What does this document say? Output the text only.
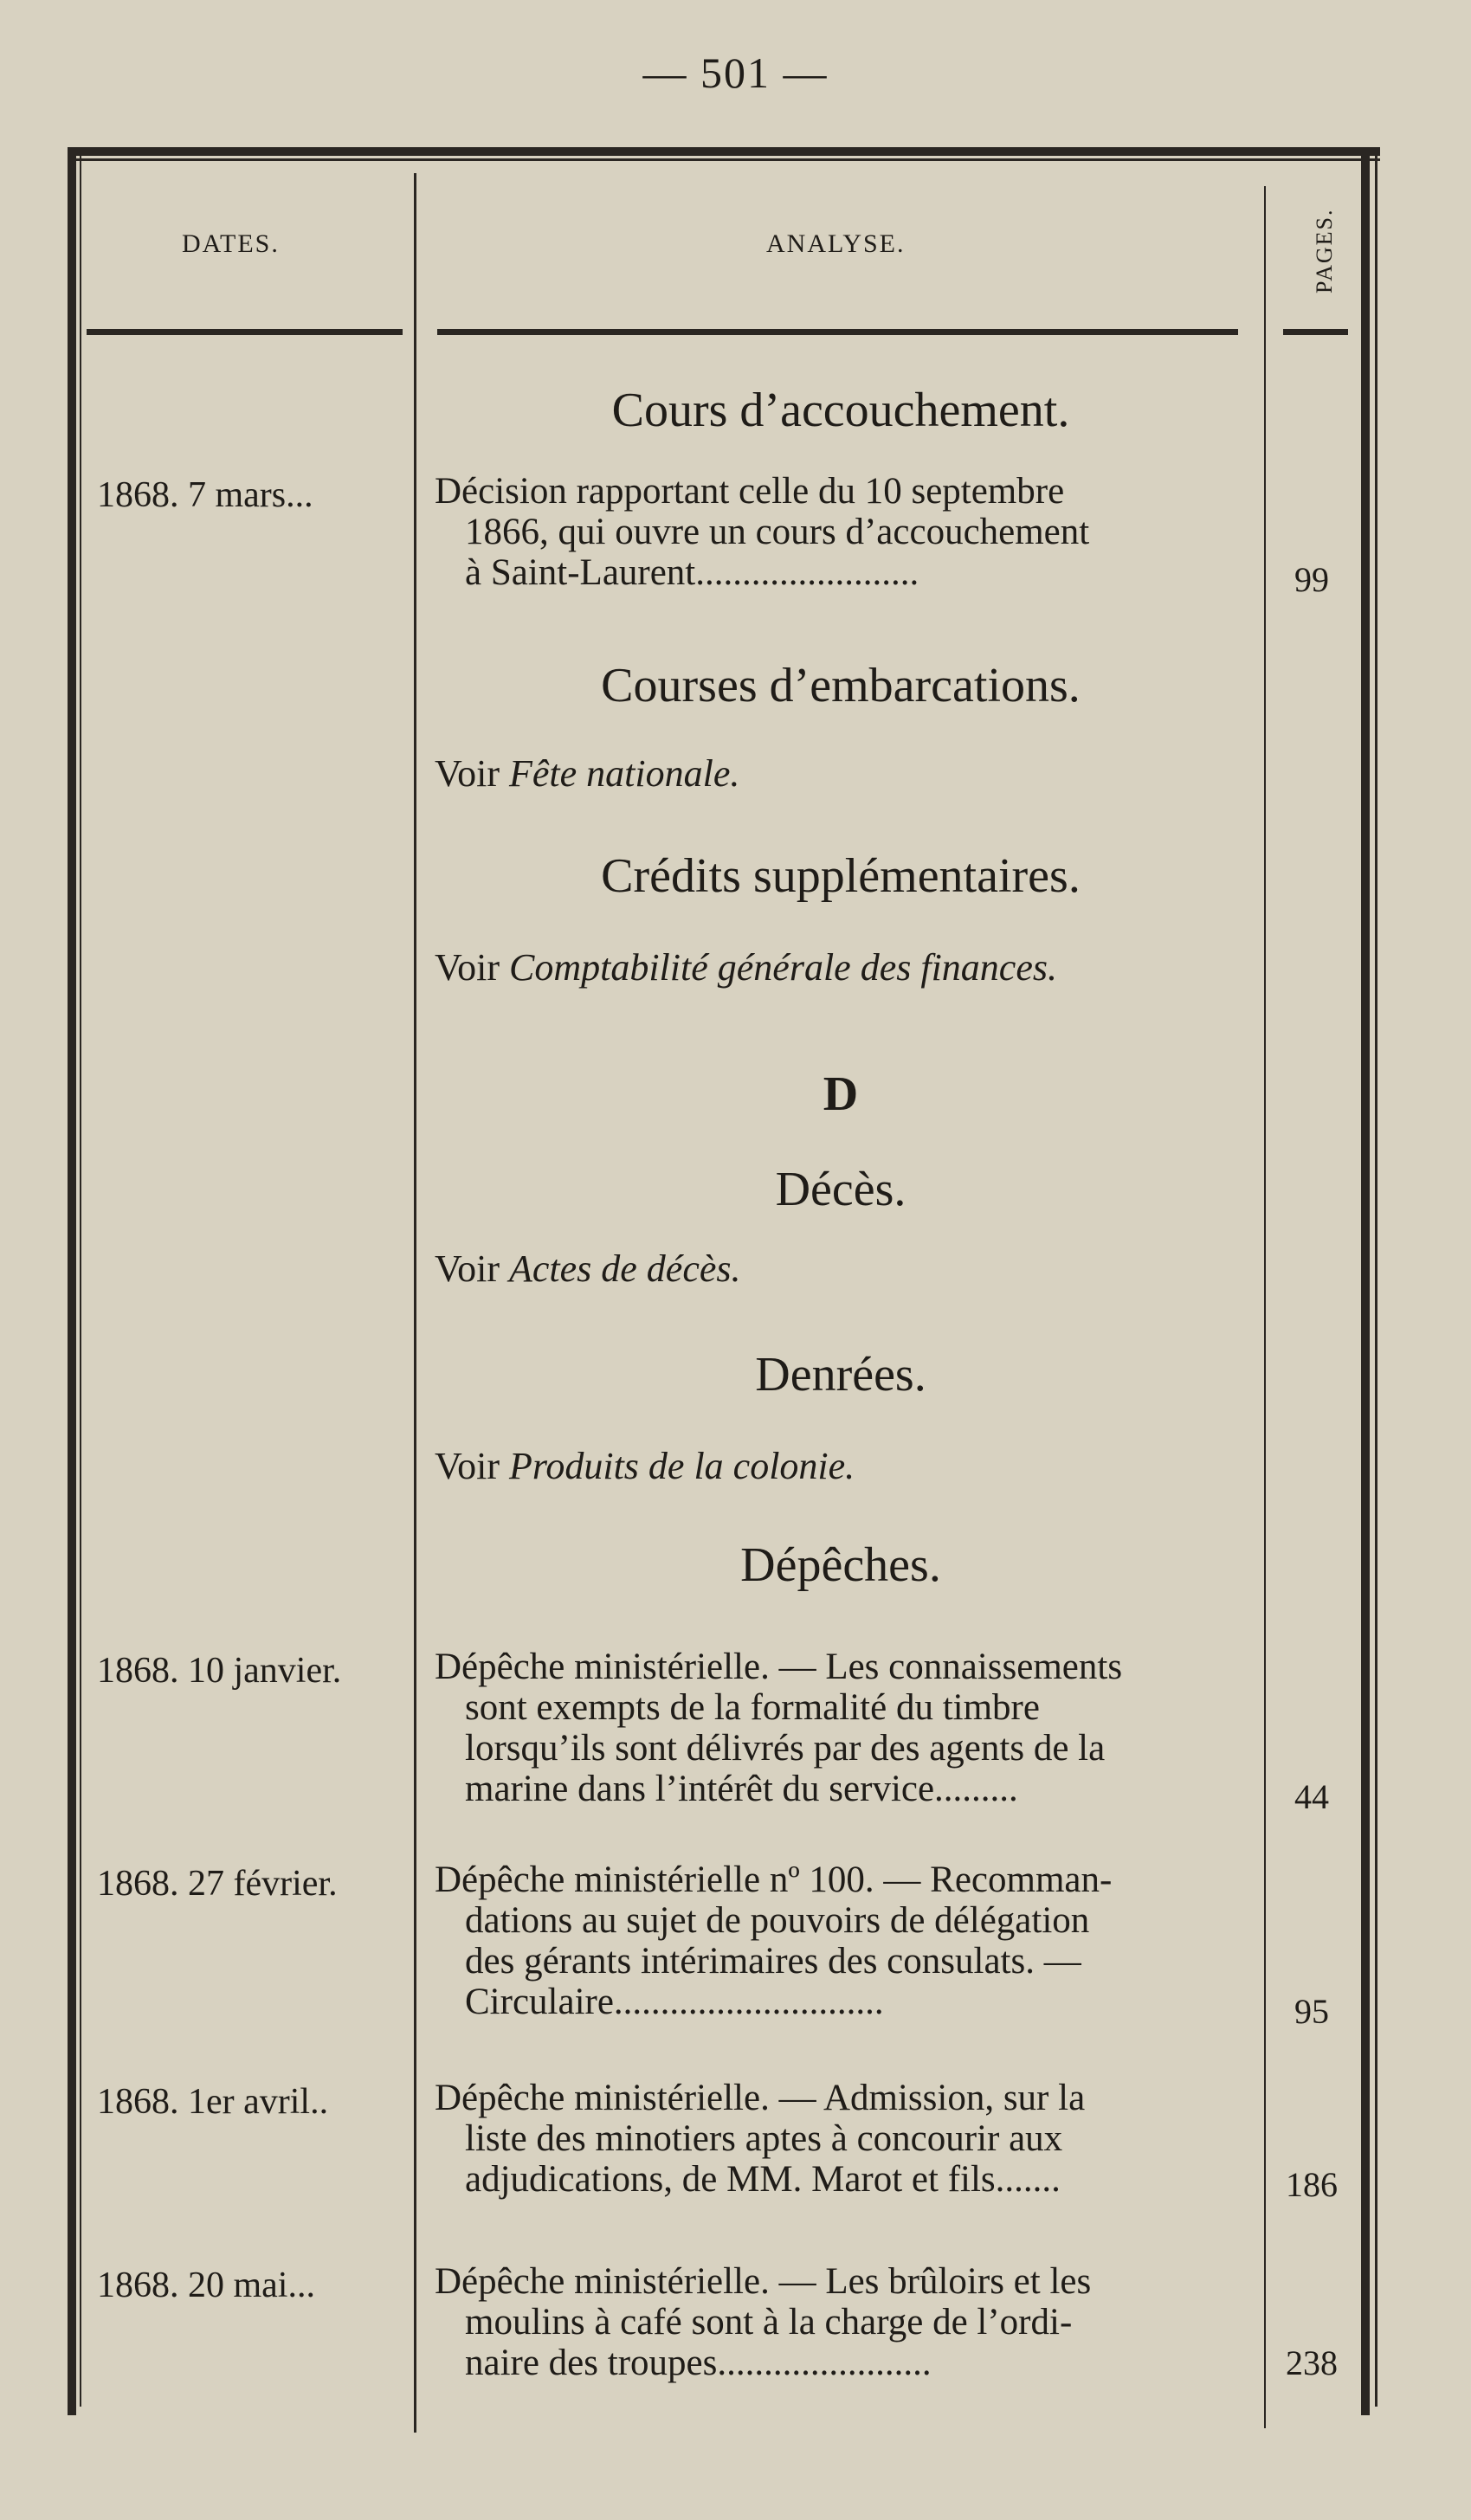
— 501 —
DATES.	ANALYSE.	PAGES.
Cours d’accouchement.
1868. 7 mars...	Décision rapportant celle du 10 septembre
1866, qui ouvre un cours d’accouchement
à Saint-Laurent........................	99
Courses d’embarcations.
Voir Fête nationale.
Crédits supplémentaires.
Voir Comptabilité générale des finances.
D
Décès.
Voir Actes de décès.
Denrées.
Voir Produits de la colonie.
Dépêches.
1868. 10 janvier.	Dépêche ministérielle. — Les connaissements
sont exempts de la formalité du timbre
lorsqu’ils sont délivrés par des agents de la
marine dans l’intérêt du service.........	44
1868. 27 février.	Dépêche ministérielle nº 100. — Recomman-
dations au sujet de pouvoirs de délégation
des gérants intérimaires des consulats. —
Circulaire.............................	95
1868. 1er avril..	Dépêche ministérielle. — Admission, sur la
liste des minotiers aptes à concourir aux
adjudications, de MM. Marot et fils.......	186
1868. 20 mai...	Dépêche ministérielle. — Les brûloirs et les
moulins à café sont à la charge de l’ordi-
naire des troupes.......................	238
